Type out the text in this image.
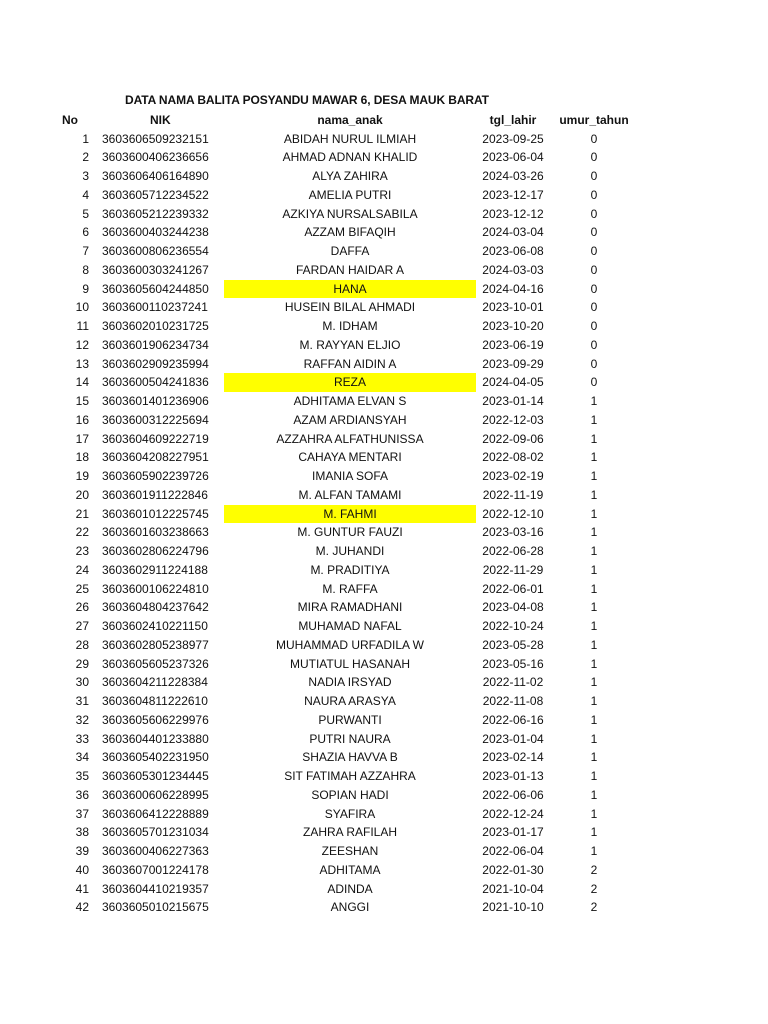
DATA NAMA BALITA POSYANDU MAWAR 6, DESA MAUK BARAT
No	NIK	nama_anak	tgl_lahir	umur_tahun
1 3603606509232151	ABIDAH NURUL ILMIAH	2023-09-25	0
2 3603600406236656	AHMAD ADNAN KHALID	2023-06-04	0
3 3603606406164890	ALYA ZAHIRA	2024-03-26	0
4 3603605712234522	AMELIA PUTRI	2023-12-17	0
5 3603605212239332	AZKIYA NURSALSABILA	2023-12-12	0
6 3603600403244238	AZZAM BIFAQIH	2024-03-04	0
7 3603600806236554	DAFFA	2023-06-08	0
8 3603600303241267	FARDAN HAIDAR A	2024-03-03	0
9 3603605604244850	HANA	2024-04-16	0
10 3603600110237241	HUSEIN BILAL AHMADI	2023-10-01	0
11 3603602010231725	M. IDHAM	2023-10-20	0
12 3603601906234734	M. RAYYAN ELJIO	2023-06-19	0
13 3603602909235994	RAFFAN AIDIN A	2023-09-29	0
14 3603600504241836	REZA	2024-04-05	0
15 3603601401236906	ADHITAMA ELVAN S	2023-01-14	1
16 3603600312225694	AZAM ARDIANSYAH	2022-12-03	1
17 3603604609222719	AZZAHRA ALFATHUNISSA	2022-09-06	1
18 3603604208227951	CAHAYA MENTARI	2022-08-02	1
19 3603605902239726	IMANIA SOFA	2023-02-19	1
20 3603601911222846	M. ALFAN TAMAMI	2022-11-19	1
21 3603601012225745	M. FAHMI	2022-12-10	1
22 3603601603238663	M. GUNTUR FAUZI	2023-03-16	1
23 3603602806224796	M. JUHANDI	2022-06-28	1
24 3603602911224188	M. PRADITIYA	2022-11-29	1
25 3603600106224810	M. RAFFA	2022-06-01	1
26 3603604804237642	MIRA RAMADHANI	2023-04-08	1
27 3603602410221150	MUHAMAD NAFAL	2022-10-24	1
28 3603602805238977	MUHAMMAD URFADILA W	2023-05-28	1
29 3603605605237326	MUTIATUL HASANAH	2023-05-16	1
30 3603604211228384	NADIA IRSYAD	2022-11-02	1
31 3603604811222610	NAURA ARASYA	2022-11-08	1
32 3603605606229976	PURWANTI	2022-06-16	1
33 3603604401233880	PUTRI NAURA	2023-01-04	1
34 3603605402231950	SHAZIA HAVVA B	2023-02-14	1
35 3603605301234445	SIT FATIMAH AZZAHRA	2023-01-13	1
36 3603600606228995	SOPIAN HADI	2022-06-06	1
37 3603606412228889	SYAFIRA	2022-12-24	1
38 3603605701231034	ZAHRA RAFILAH	2023-01-17	1
39 3603600406227363	ZEESHAN	2022-06-04	1
40 3603607001224178	ADHITAMA	2022-01-30	2
41 3603604410219357	ADINDA	2021-10-04	2
42 3603605010215675	ANGGI	2021-10-10	2
